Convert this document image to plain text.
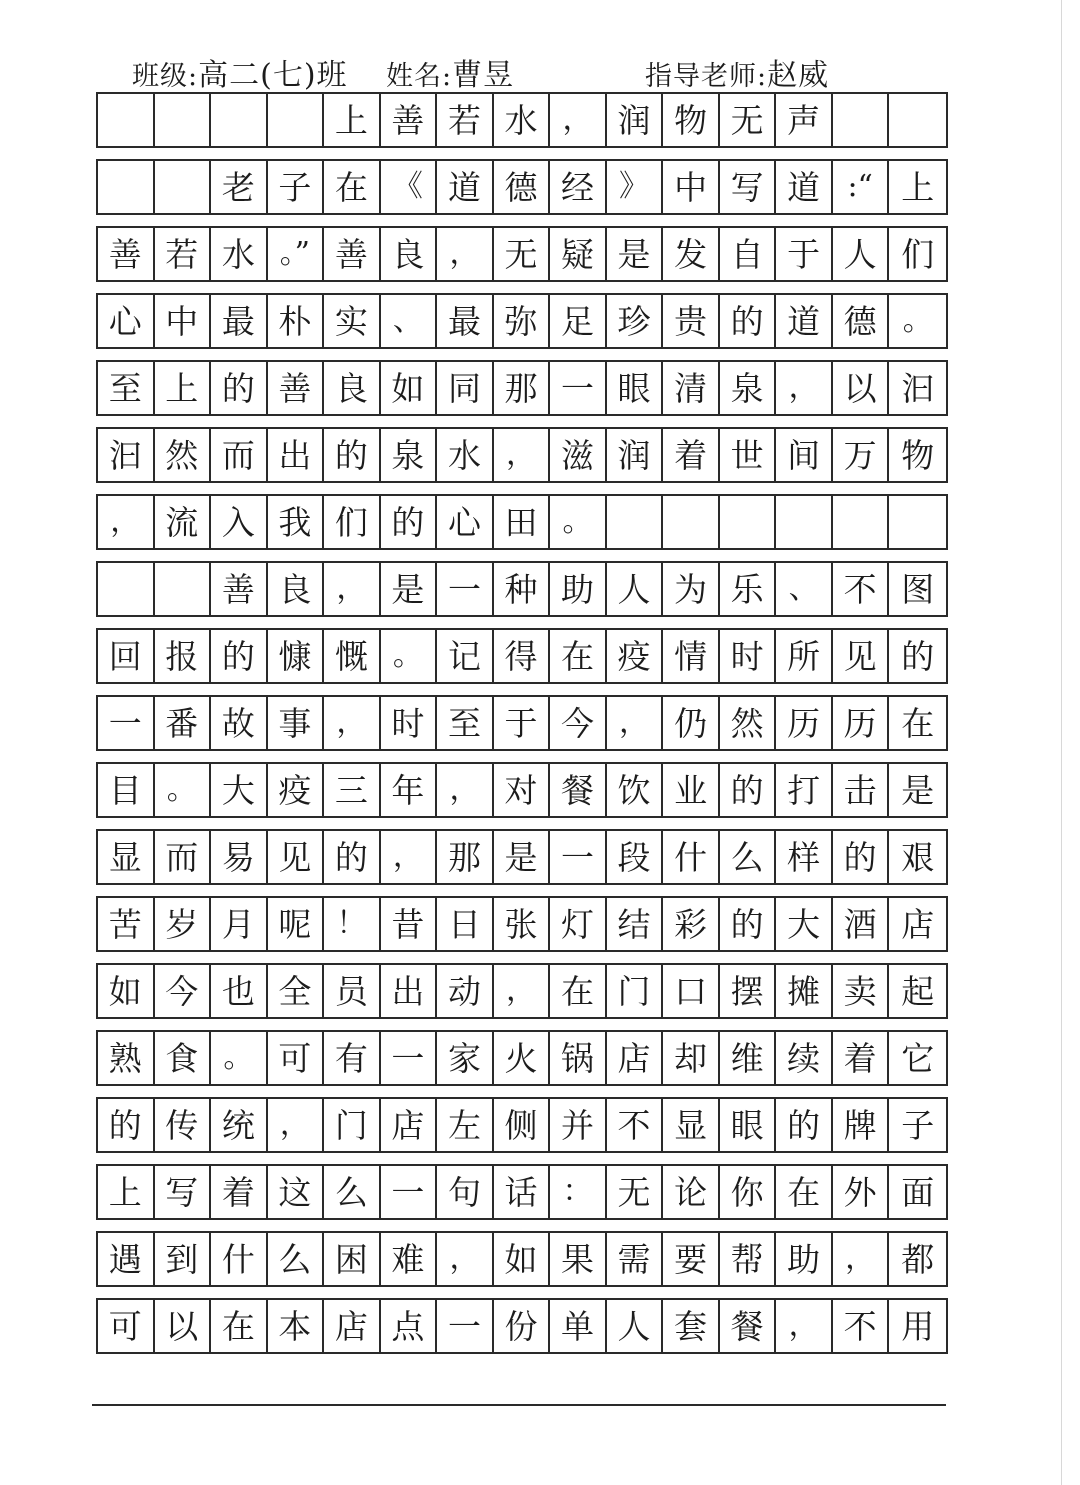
班级:高二(七)班 姓名:曹昱	指导老师:赵威
上 善 若 水 ， 润 物 无 声
老 子 在 《 道 德 经 》 中 写 道 :“ 上
善 若 水 。” 善 良 ， 无 疑 是 发 自 于 人 们
心 中 最 朴 实 、 最 弥 足 珍 贵 的 道 德 。
至 上 的 善 良 如 同 那 一 眼 清 泉 ， 以 汩
汩 然 而 出 的 泉 水 ， 滋 润 着 世 间 万 物
， 流 入 我 们 的 心 田 。
善 良 ， 是 一 种 助 人 为 乐 、 不 图
回 报 的 慷 慨 。 记 得 在 疫 情 时 所 见 的
一 番 故 事 ， 时 至 于 今 ， 仍 然 历 历 在
目 。 大 疫 三 年 ， 对 餐 饮 业 的 打 击 是
显 而 易 见 的 ， 那 是 一 段 什 么 样 的 艰
苦 岁 月 呢 ！ 昔 日 张 灯 结 彩 的 大 酒 店
如 今 也 全 员 出 动 ， 在 门 口 摆 摊 卖 起
熟 食 。 可 有 一 家 火 锅 店 却 维 续 着 它
的 传 统 ， 门 店 左 侧 并 不 显 眼 的 牌 子
上 写 着 这 么 一 句 话 ： 无 论 你 在 外 面
遇 到 什 么 困 难 ， 如 果 需 要 帮 助 ， 都
可 以 在 本 店 点 一 份 单 人 套 餐 ， 不 用
